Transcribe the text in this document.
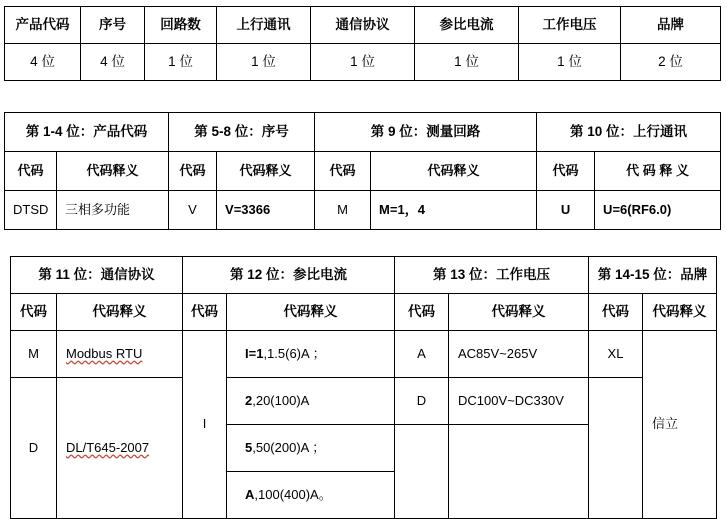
产品代码	序号	回路数	上行通讯	通信协议	参比电流	工作电压	品牌
4 位	4 位	1 位	1 位	1 位	1 位	1 位	2 位
第 1-4 位：产品代码		第 5-8 位：序号		第 9 位：测量回路		第 10 位：上行通讯	
代码	代码释义	代码	代码释义	代码	代码释义	代码	代 码 释 义
DTSD	三相多功能	V	V=3366	M	M=1，4	U	U=6(RF6.0)
第 11 位：通信协议		第 12 位：参比电流		第 13 位：工作电压		第 14-15 位：品牌	
代码	代码释义	代码	代码释义	代码	代码释义	代码	代码释义
M	Modbus RTU	I	I=1,1.5(6)A ；	A	AC85V~265V	XL	信立
D	DL/T645-2007		2,20(100)A	D	DC100V~DC330V		
			5,50(200)A ；				
			A,100(400)A。				
